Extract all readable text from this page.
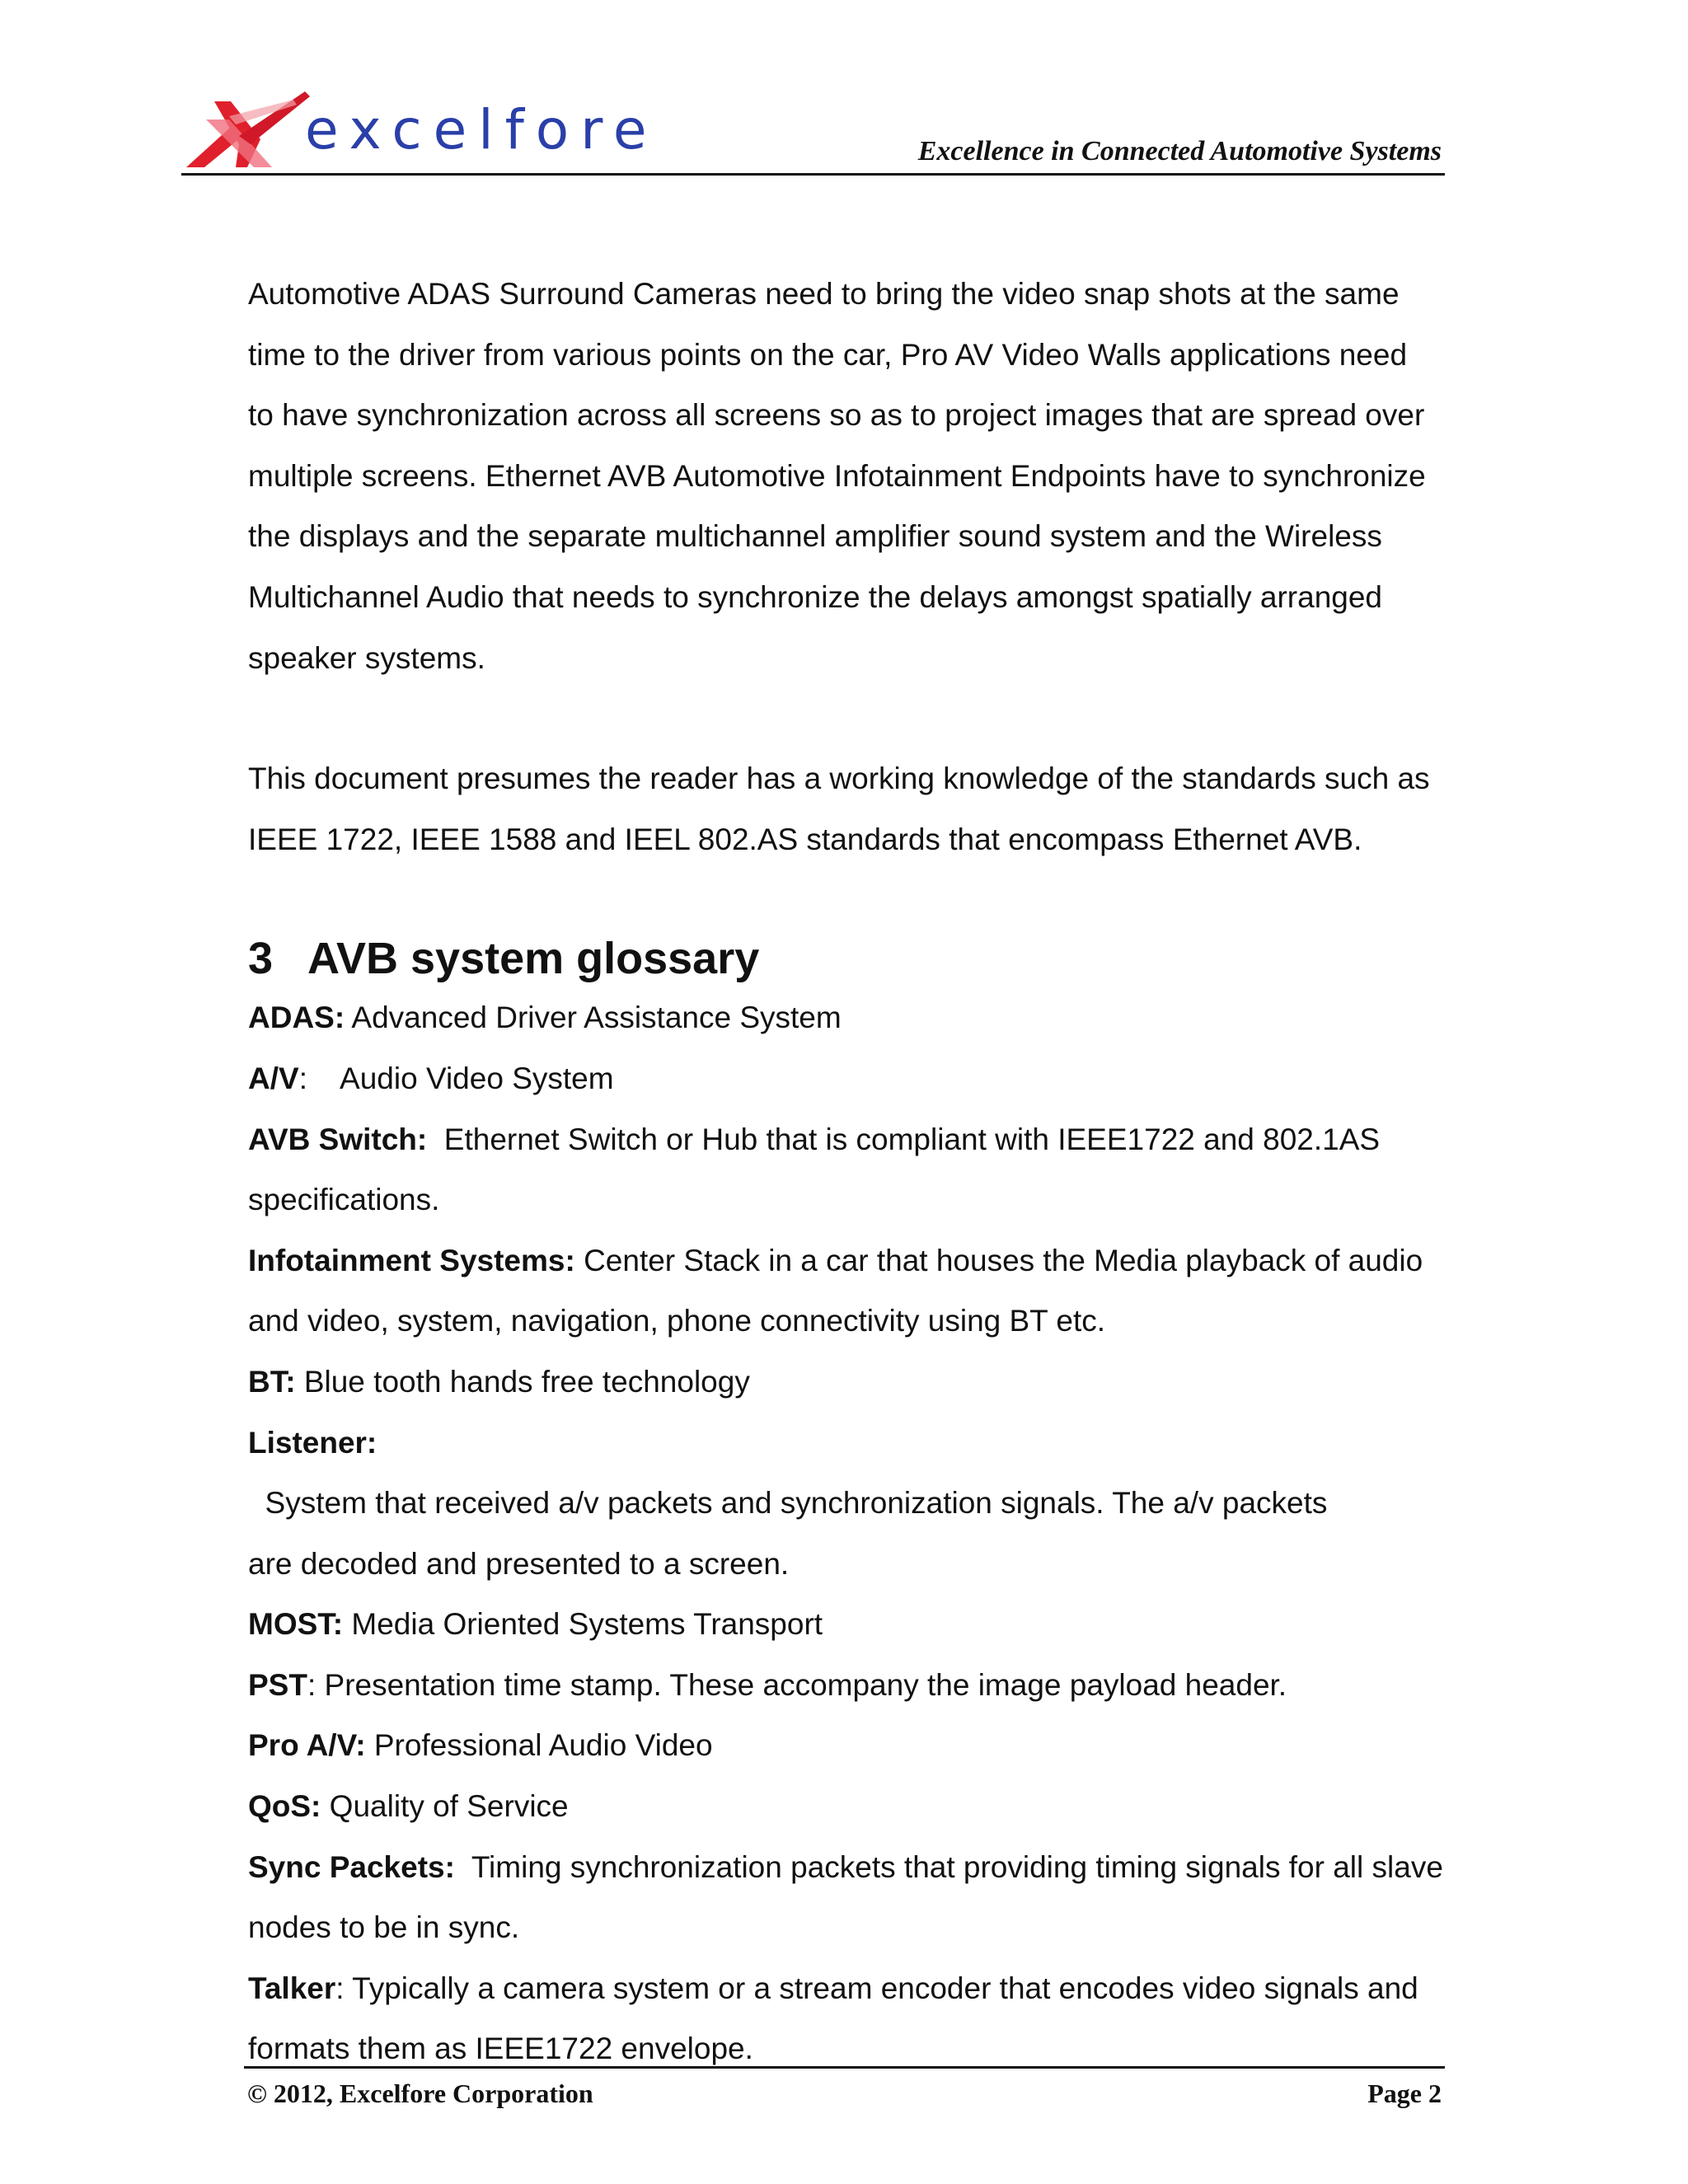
excelfore	Excellence in Connected Automotive Systems

Automotive ADAS Surround Cameras need to bring the video snap shots at the same

time to the driver from various points on the car, Pro AV Video Walls applications need

to have synchronization across all screens so as to project images that are spread over

multiple screens. Ethernet AVB Automotive Infotainment Endpoints have to synchronize

the displays and the separate multichannel amplifier sound system and the Wireless

Multichannel Audio that needs to synchronize the delays amongst spatially arranged

speaker systems.

This document presumes the reader has a working knowledge of the standards such as

IEEE 1722, IEEE 1588 and IEEL 802.AS standards that encompass Ethernet AVB.

3 AVB system glossary

ADAS: Advanced Driver Assistance System

A/V:    Audio Video System

AVB Switch:  Ethernet Switch or Hub that is compliant with IEEE1722 and 802.1AS

specifications.

Infotainment Systems: Center Stack in a car that houses the Media playback of audio

and video, system, navigation, phone connectivity using BT etc.

BT: Blue tooth hands free technology

Listener:  System that received a/v packets and synchronization signals. The a/v packets

are decoded and presented to a screen.

MOST: Media Oriented Systems Transport

PST: Presentation time stamp. These accompany the image payload header.

Pro A/V: Professional Audio Video

QoS: Quality of Service

Sync Packets:  Timing synchronization packets that providing timing signals for all slave

nodes to be in sync.

Talker: Typically a camera system or a stream encoder that encodes video signals and

formats them as IEEE1722 envelope.

© 2012, Excelfore Corporation	Page 2
